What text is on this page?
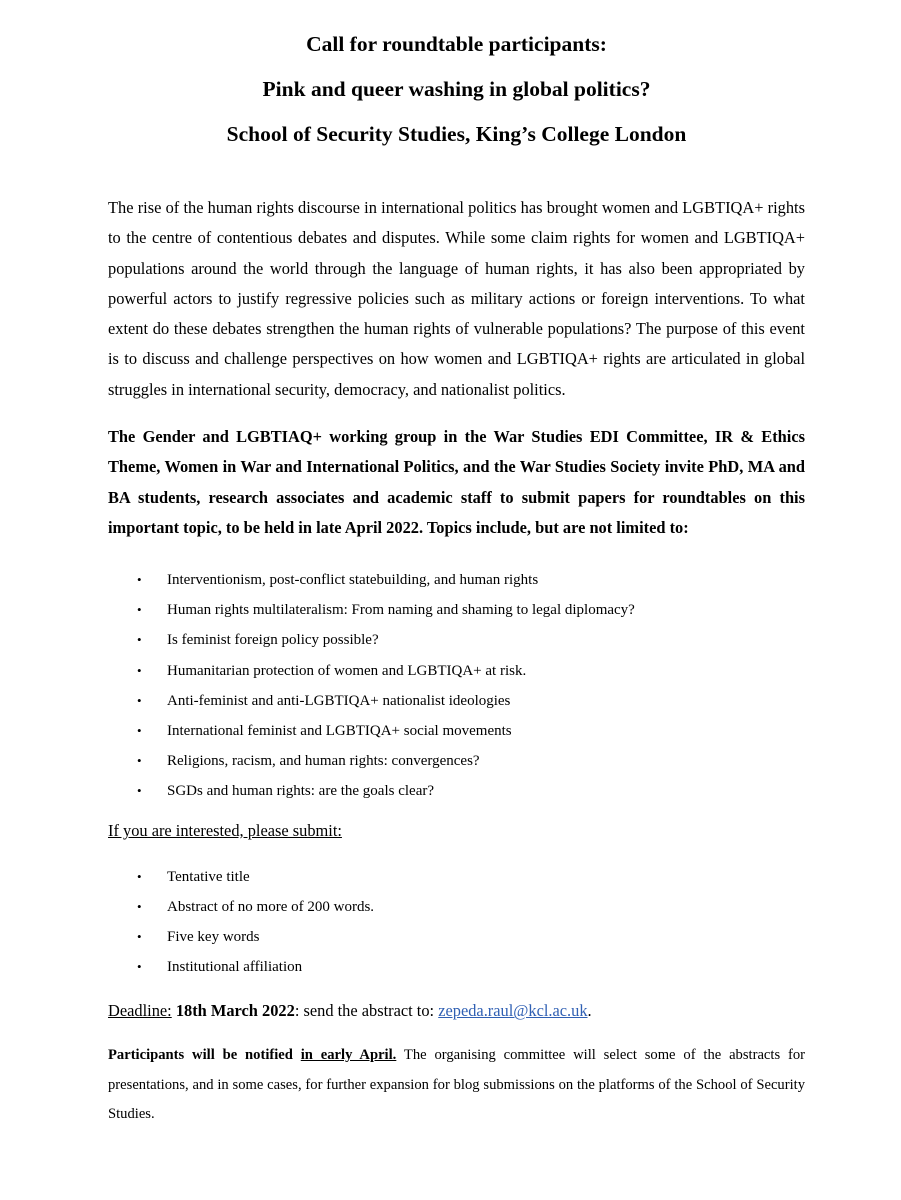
Call for roundtable participants:

Pink and queer washing in global politics?

School of Security Studies, King’s College London

The rise of the human rights discourse in international politics has brought women and LGBTIQA+ rights to the centre of contentious debates and disputes. While some claim rights for women and LGBTIQA+ populations around the world through the language of human rights, it has also been appropriated by powerful actors to justify regressive policies such as military actions or foreign interventions. To what extent do these debates strengthen the human rights of vulnerable populations? The purpose of this event is to discuss and challenge perspectives on how women and LGBTIQA+ rights are articulated in global struggles in international security, democracy, and nationalist politics.

The Gender and LGBTIAQ+ working group in the War Studies EDI Committee, IR & Ethics Theme, Women in War and International Politics, and the War Studies Society invite PhD, MA and BA students, research associates and academic staff to submit papers for roundtables on this important topic, to be held in late April 2022. Topics include, but are not limited to:

• Interventionism, post-conflict statebuilding, and human rights
• Human rights multilateralism: From naming and shaming to legal diplomacy?
• Is feminist foreign policy possible?
• Humanitarian protection of women and LGBTIQA+ at risk.
• Anti-feminist and anti-LGBTIQA+ nationalist ideologies
• International feminist and LGBTIQA+ social movements
• Religions, racism, and human rights: convergences?
• SGDs and human rights: are the goals clear?

If you are interested, please submit:

• Tentative title
• Abstract of no more of 200 words.
• Five key words
• Institutional affiliation

Deadline: 18th March 2022: send the abstract to: zepeda.raul@kcl.ac.uk.

Participants will be notified in early April. The organising committee will select some of the abstracts for presentations, and in some cases, for further expansion for blog submissions on the platforms of the School of Security Studies.
